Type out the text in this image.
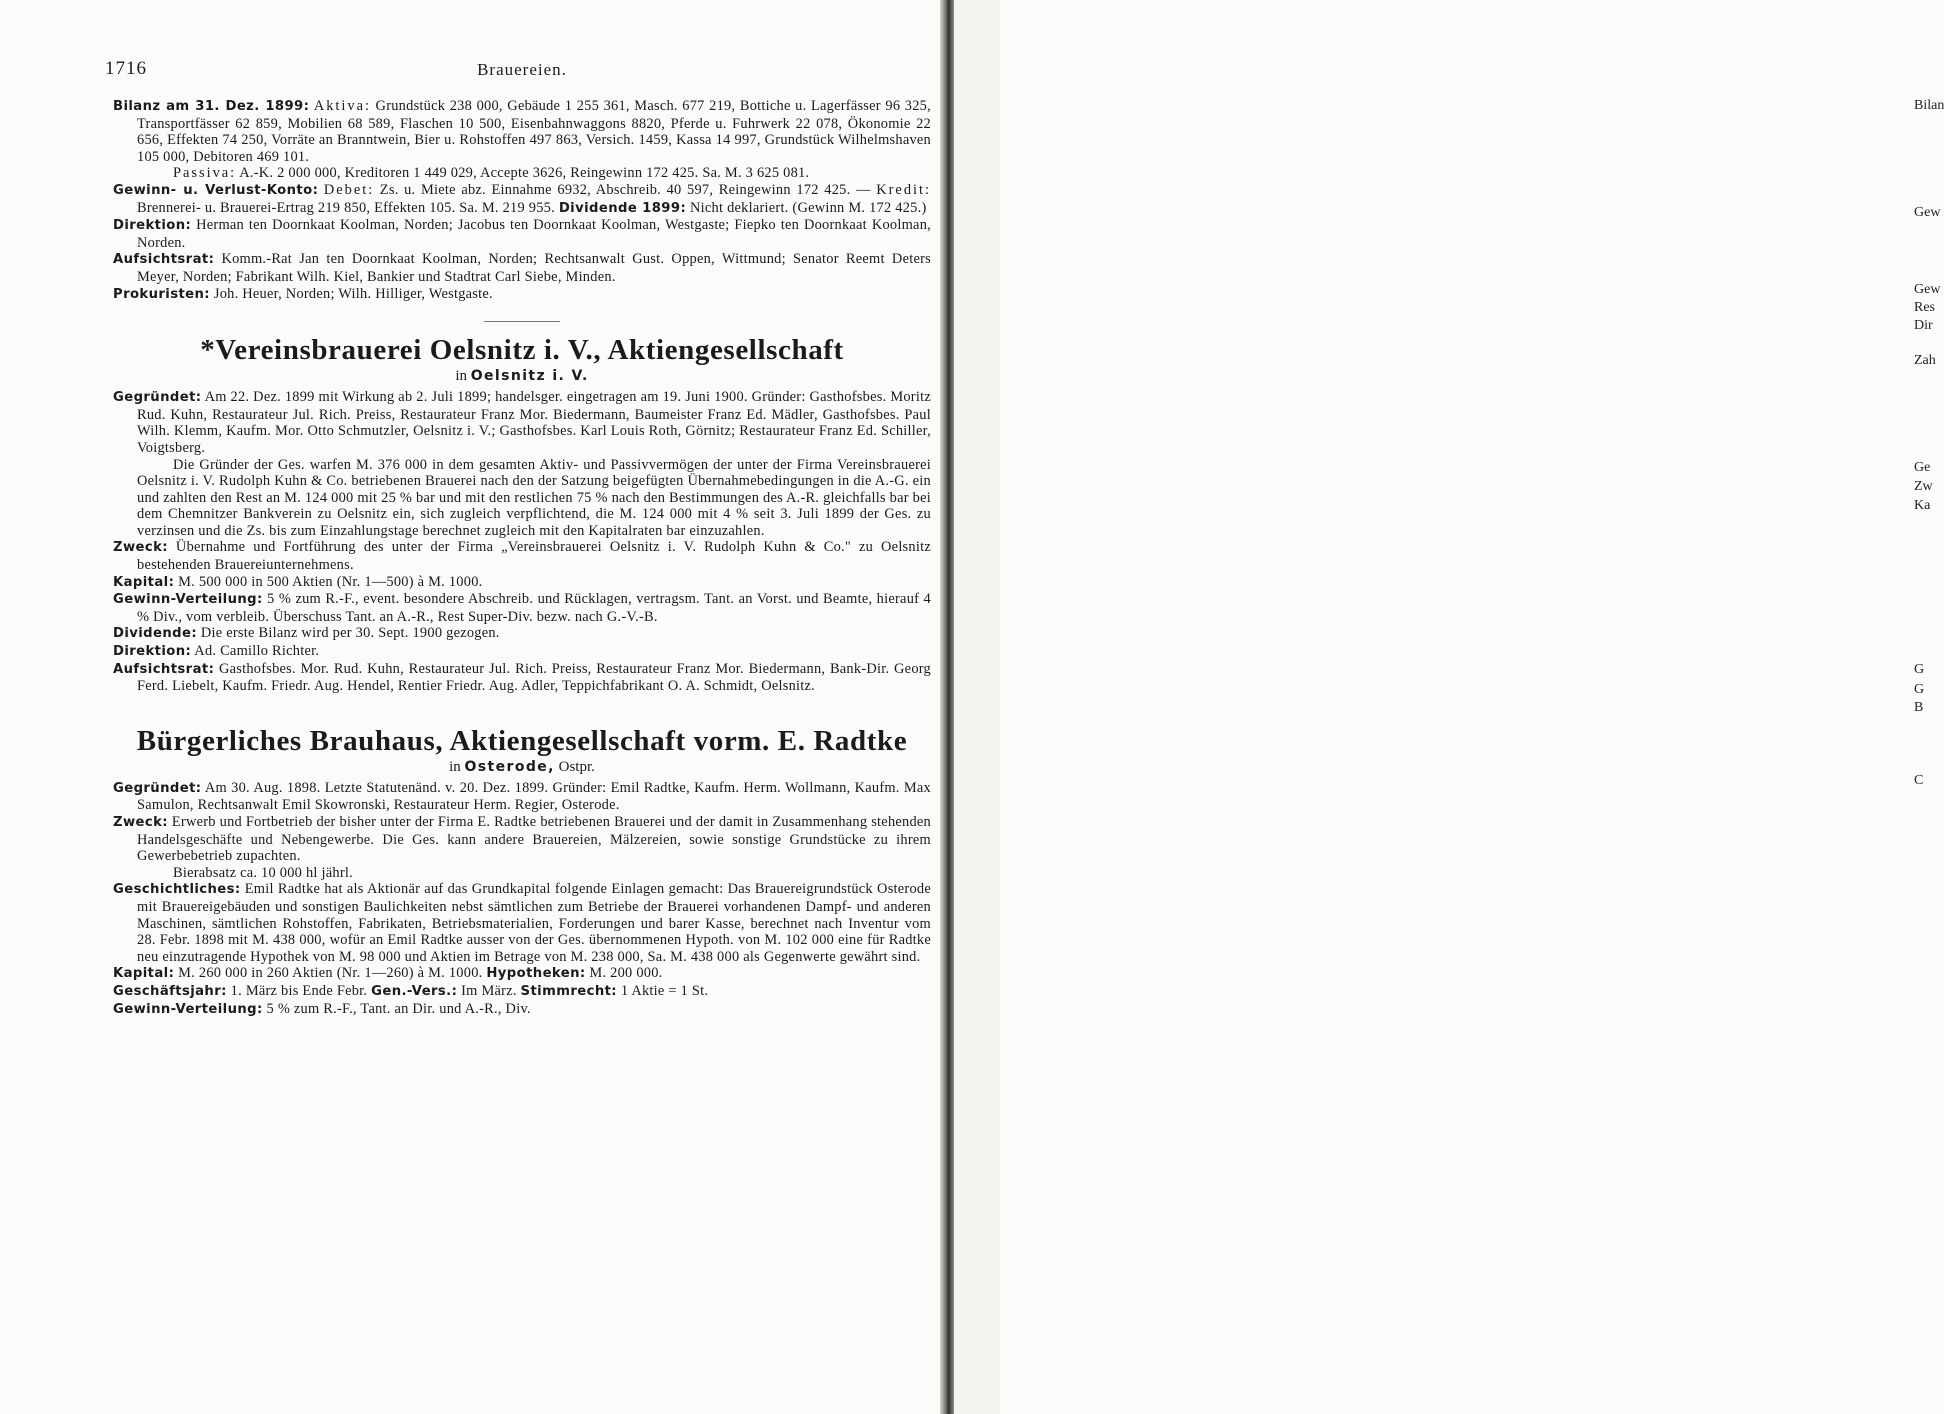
Bilan
Gew
Gew
Res
Dir
Zah
Ge
Zw
Ka
G
G
B
C
1716	Brauereien.

Bilanz am 31. Dez. 1899: Aktiva: Grundstück 238 000, Gebäude 1 255 361, Masch. 677 219, Bottiche u. Lagerfässer 96 325, Transportfässer 62 859, Mobilien 68 589, Flaschen 10 500, Eisenbahnwaggons 8820, Pferde u. Fuhrwerk 22 078, Ökonomie 22 656, Effekten 74 250, Vorräte an Branntwein, Bier u. Rohstoffen 497 863, Versich. 1459, Kassa 14 997, Grundstück Wilhelmshaven 105 000, Debitoren 469 101.

Passiva: A.-K. 2 000 000, Kreditoren 1 449 029, Accepte 3626, Reingewinn 172 425. Sa. M. 3 625 081.

Gewinn- u. Verlust-Konto: Debet: Zs. u. Miete abz. Einnahme 6932, Abschreib. 40 597, Reingewinn 172 425. — Kredit: Brennerei- u. Brauerei-Ertrag 219 850, Effekten 105. Sa. M. 219 955. Dividende 1899: Nicht deklariert. (Gewinn M. 172 425.)

Direktion: Herman ten Doornkaat Koolman, Norden; Jacobus ten Doornkaat Koolman, Westgaste; Fiepko ten Doornkaat Koolman, Norden.

Aufsichtsrat: Komm.-Rat Jan ten Doornkaat Koolman, Norden; Rechtsanwalt Gust. Oppen, Wittmund; Senator Reemt Deters Meyer, Norden; Fabrikant Wilh. Kiel, Bankier und Stadtrat Carl Siebe, Minden.

Prokuristen: Joh. Heuer, Norden; Wilh. Hilliger, Westgaste.

*Vereinsbrauerei Oelsnitz i. V., Aktiengesellschaft

in Oelsnitz i. V.

Gegründet: Am 22. Dez. 1899 mit Wirkung ab 2. Juli 1899; handelsger. eingetragen am 19. Juni 1900. Gründer: Gasthofsbes. Moritz Rud. Kuhn, Restaurateur Jul. Rich. Preiss, Restaurateur Franz Mor. Biedermann, Baumeister Franz Ed. Mädler, Gasthofsbes. Paul Wilh. Klemm, Kaufm. Mor. Otto Schmutzler, Oelsnitz i. V.; Gasthofsbes. Karl Louis Roth, Görnitz; Restaurateur Franz Ed. Schiller, Voigtsberg.

Die Gründer der Ges. warfen M. 376 000 in dem gesamten Aktiv- und Passivvermögen der unter der Firma Vereinsbrauerei Oelsnitz i. V. Rudolph Kuhn & Co. betriebenen Brauerei nach den der Satzung beigefügten Übernahmebedingungen in die A.-G. ein und zahlten den Rest an M. 124 000 mit 25 % bar und mit den restlichen 75 % nach den Bestimmungen des A.-R. gleichfalls bar bei dem Chemnitzer Bankverein zu Oelsnitz ein, sich zugleich verpflichtend, die M. 124 000 mit 4 % seit 3. Juli 1899 der Ges. zu verzinsen und die Zs. bis zum Einzahlungstage berechnet zugleich mit den Kapitalraten bar einzuzahlen.

Zweck: Übernahme und Fortführung des unter der Firma „Vereinsbrauerei Oelsnitz i. V. Rudolph Kuhn & Co." zu Oelsnitz bestehenden Brauereiunternehmens.

Kapital: M. 500 000 in 500 Aktien (Nr. 1—500) à M. 1000.

Gewinn-Verteilung: 5 % zum R.-F., event. besondere Abschreib. und Rücklagen, vertragsm. Tant. an Vorst. und Beamte, hierauf 4 % Div., vom verbleib. Überschuss Tant. an A.-R., Rest Super-Div. bezw. nach G.-V.-B.

Dividende: Die erste Bilanz wird per 30. Sept. 1900 gezogen.

Direktion: Ad. Camillo Richter.

Aufsichtsrat: Gasthofsbes. Mor. Rud. Kuhn, Restaurateur Jul. Rich. Preiss, Restaurateur Franz Mor. Biedermann, Bank-Dir. Georg Ferd. Liebelt, Kaufm. Friedr. Aug. Hendel, Rentier Friedr. Aug. Adler, Teppichfabrikant O. A. Schmidt, Oelsnitz.

Bürgerliches Brauhaus, Aktiengesellschaft vorm. E. Radtke

in Osterode, Ostpr.

Gegründet: Am 30. Aug. 1898. Letzte Statutenänd. v. 20. Dez. 1899. Gründer: Emil Radtke, Kaufm. Herm. Wollmann, Kaufm. Max Samulon, Rechtsanwalt Emil Skowronski, Restaurateur Herm. Regier, Osterode.

Zweck: Erwerb und Fortbetrieb der bisher unter der Firma E. Radtke betriebenen Brauerei und der damit in Zusammenhang stehenden Handelsgeschäfte und Nebengewerbe. Die Ges. kann andere Brauereien, Mälzereien, sowie sonstige Grundstücke zu ihrem Gewerbebetrieb zupachten.

Bierabsatz ca. 10 000 hl jährl.

Geschichtliches: Emil Radtke hat als Aktionär auf das Grundkapital folgende Einlagen gemacht: Das Brauereigrundstück Osterode mit Brauereigebäuden und sonstigen Baulichkeiten nebst sämtlichen zum Betriebe der Brauerei vorhandenen Dampf- und anderen Maschinen, sämtlichen Rohstoffen, Fabrikaten, Betriebsmaterialien, Forderungen und barer Kasse, berechnet nach Inventur vom 28. Febr. 1898 mit M. 438 000, wofür an Emil Radtke ausser von der Ges. übernommenen Hypoth. von M. 102 000 eine für Radtke neu einzutragende Hypothek von M. 98 000 und Aktien im Betrage von M. 238 000, Sa. M. 438 000 als Gegenwerte gewährt sind.

Kapital: M. 260 000 in 260 Aktien (Nr. 1—260) à M. 1000. Hypotheken: M. 200 000.

Geschäftsjahr: 1. März bis Ende Febr. Gen.-Vers.: Im März. Stimmrecht: 1 Aktie = 1 St.

Gewinn-Verteilung: 5 % zum R.-F., Tant. an Dir. und A.-R., Div.
